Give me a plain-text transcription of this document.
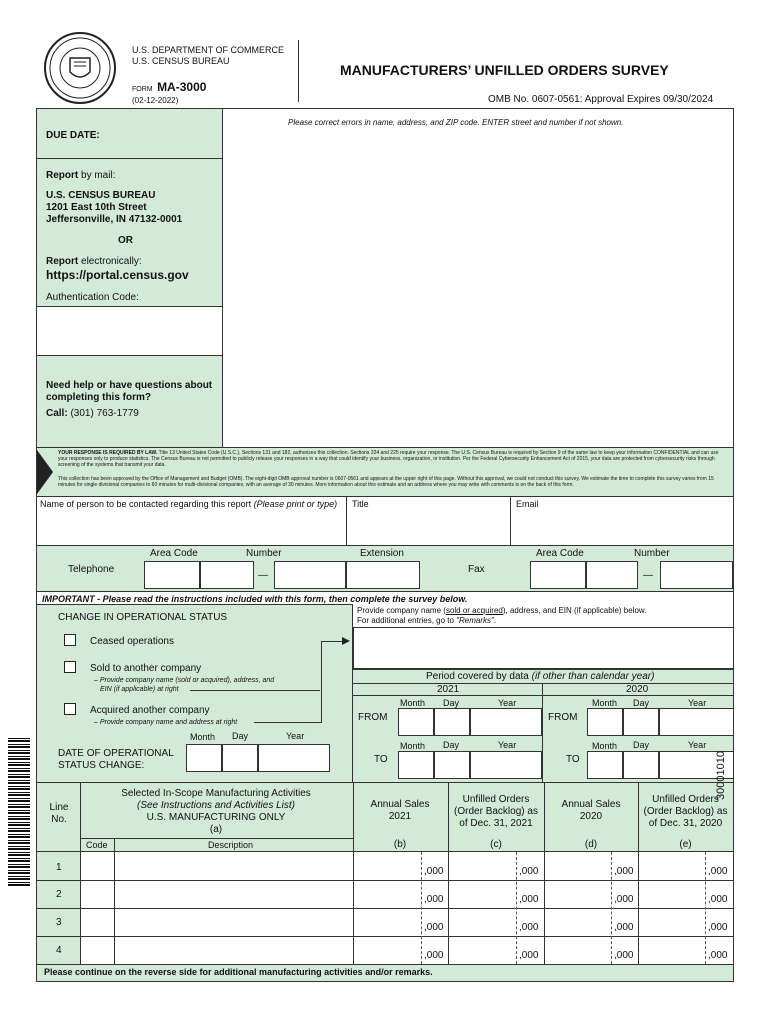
U.S. DEPARTMENT OF COMMERCE
U.S. CENSUS BUREAU
FORM MA-3000
(02-12-2022)
MANUFACTURERS’ UNFILLED ORDERS SURVEY
OMB No. 0607-0561: Approval Expires 09/30/2024
DUE DATE:
Report by mail:
U.S. CENSUS BUREAU
1201 East 10th Street
Jeffersonville, IN 47132-0001
OR
Report electronically:
https://portal.census.gov
Authentication Code:
Need help or have questions about completing this form?
Call: (301) 763-1779
Please correct errors in name, address, and ZIP code. ENTER street and number if not shown.
YOUR RESPONSE IS REQUIRED BY LAW. Title 13 United States Code (U.S.C.), Sections 131 and 182, authorizes this collection. Sections 224 and 225 require your response. The U.S. Census Bureau is required by Section 9 of the same law to keep your information CONFIDENTIAL and can use your responses only to produce statistics. The Census Bureau is not permitted to publicly release your responses in a way that could identify your business, organization, or institution. Per the Federal Cybersecurity Enhancement Act of 2015, your data are protected from cybersecurity risks through screening of the systems that transmit your data.
This collection has been approved by the Office of Management and Budget (OMB). The eight-digit OMB approval number is 0607-0561 and appears at the upper right of this page. Without this approval, we could not conduct this survey. We estimate the time to complete this survey varies from 15 minutes for single divisional companies to 60 minutes for multi-divisional companies, with an average of 30 minutes. More information about this estimate and an address where you may write with comments is on the back of this form.
Name of person to be contacted regarding this report (Please print or type) Title	Email
Area Code	Number	Extension
Telephone
—
Fax
Area Code	Number
—
IMPORTANT - Please read the instructions included with this form, then complete the survey below.
CHANGE IN OPERATIONAL STATUS
Ceased operations
Sold to another company
– Provide company name (sold or acquired), address, and
EIN (if applicable) at right
Acquired another company
– Provide company name and address at right
Month Day	Year
DATE OF OPERATIONAL
STATUS CHANGE:
Provide company name (sold or acquired), address, and EIN (if applicable) below.
For additional entries, go to "Remarks".
Period covered by data (if other than calendar year)
2021	2020
Month Day	Year
FROM
Month Day	Year
FROM
Month Day	Year
TO
Month Day	Year
TO
Line No.
Selected In-Scope Manufacturing Activities
(See Instructions and Activities List)
U.S. MANUFACTURING ONLY
(a)
Code	Description
Annual Sales
2021
(b)
Unfilled Orders
(Order Backlog) as
of Dec. 31, 2021
(c)
Annual Sales
2020
(d)
Unfilled Orders
(Order Backlog) as
of Dec. 31, 2020
(e)
1	,000	,000	,000	,000
2	,000	,000	,000	,000
3	,000	,000	,000	,000
4	,000	,000	,000	,000
Please continue on the reverse side for additional manufacturing activities and/or remarks.
30001010
